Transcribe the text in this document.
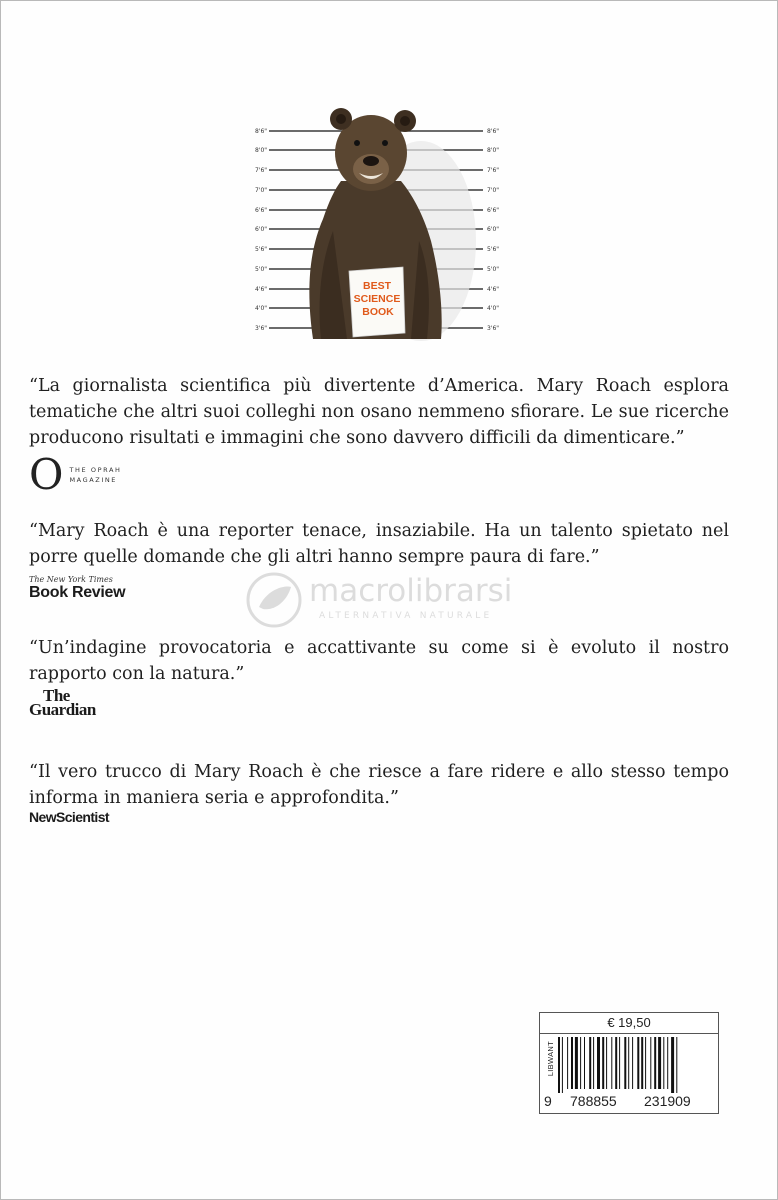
8'6"
8'0"
7'6"
7'0"
6'6"
6'0"
5'6"
5'0"
4'6"
4'0"
3'6"
8'6"
8'0"
7'6"
7'0"
6'6"
6'0"
5'6"
5'0"
4'6"
4'0"
3'6"
BEST
SCIENCE
BOOK
“La giornalista scientifica più divertente d’America. Mary Roach esplora tematiche che altri suoi colleghi non osano nemmeno sfiorare. Le sue ricerche producono risultati e immagini che sono davvero difficili da dimenticare.”
O THE OPRAH
MAGAZINE
“Mary Roach è una reporter tenace, insaziabile. Ha un talento spietato nel porre quelle domande che gli altri hanno sempre paura di fare.”
The New York Times
Book Review	macrolibrarsi
ALTERNATIVA NATURALE
“Un’indagine provocatoria e accattivante su come si è evoluto il nostro rapporto con la natura.”
The
Guardian
“Il vero trucco di Mary Roach è che riesce a fare ridere e allo stesso tempo informa in maniera seria e approfondita.”
NewScientist
€ 19,50
LIBWANT
9 788855 231909
